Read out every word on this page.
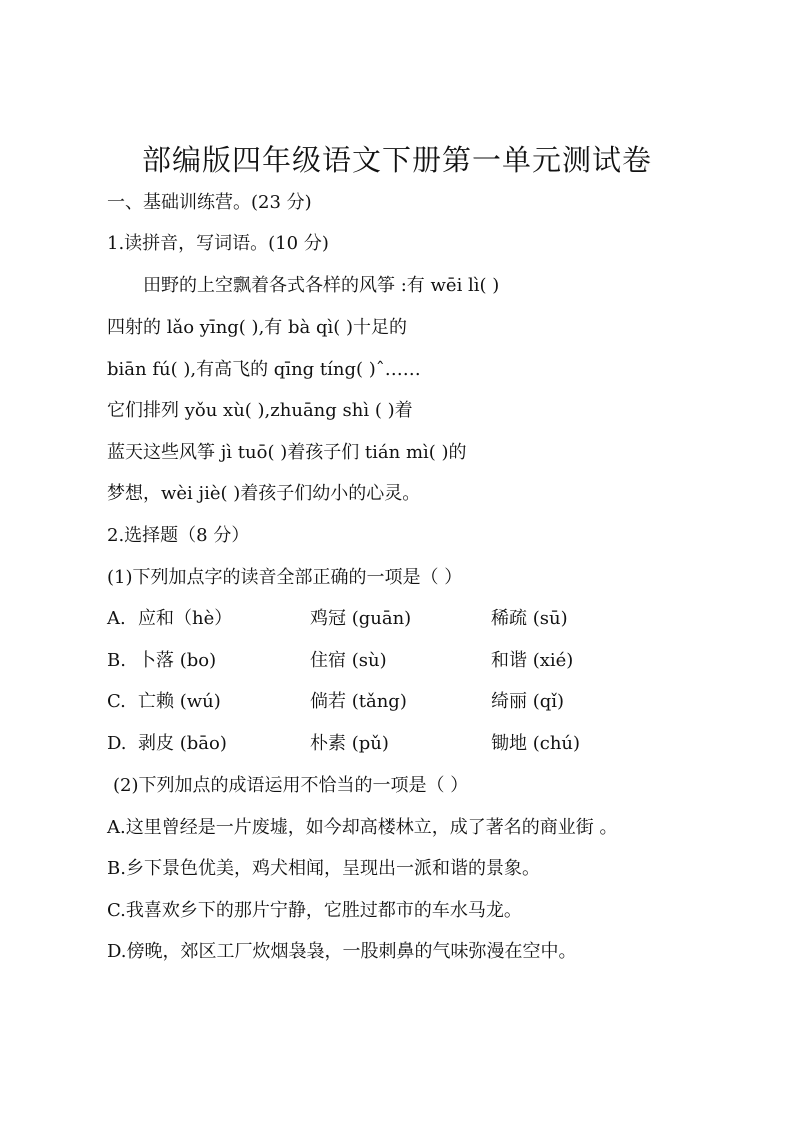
部编版四年级语文下册第一单元测试卷
一、基础训练营。(23 分)
1.读拼音，写词语。(10 分)
　　田野的上空飘着各式各样的风筝 :有 wēi lì( )
四射的 lǎo yīng( ),有 bà qì( )十足的
biān fú( ),有高飞的 qīng tíng( )ˆ……
它们排列 yǒu xù( ),zhuāng shì ( )着
蓝天这些风筝 jì tuō( )着孩子们 tián mì( )的
梦想，wèi jiè( )着孩子们幼小的心灵。
2.选择题（8 分）
(1)下列加点字的读音全部正确的一项是（ ）
A. 应和（hè）	鸡冠 (guān)	稀疏 (sū)
B. 卜落 (bo)	住宿 (sù)	和谐 (xié)
C. 亡赖 (wú)	倘若 (tǎng)	绮丽 (qǐ)
D. 剥皮 (bāo)	朴素 (pǔ)	锄地 (chú)
(2)下列加点的成语运用不恰当的一项是（ ）
A.这里曾经是一片废墟，如今却高楼林立，成了著名的商业街 。
B.乡下景色优美，鸡犬相闻，呈现出一派和谐的景象。
C.我喜欢乡下的那片宁静，它胜过都市的车水马龙。
D.傍晚，郊区工厂炊烟袅袅，一股刺鼻的气味弥漫在空中。
